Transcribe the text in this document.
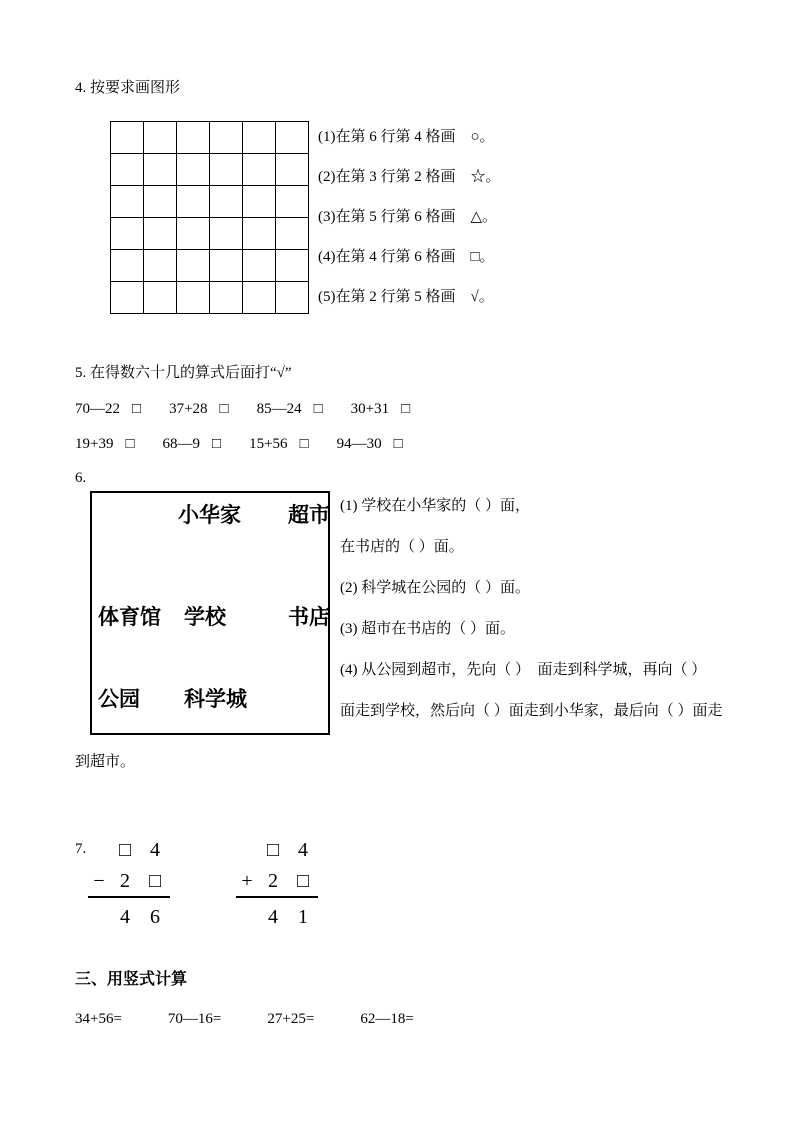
4. 按要求画图形
(1)在第 6 行第 4 格画　○。
(2)在第 3 行第 2 格画　☆。
(3)在第 5 行第 6 格画　△。
(4)在第 4 行第 6 格画　□。
(5)在第 2 行第 5 格画　√。
5. 在得数六十几的算式后面打“√”
70—22 □ 37+28 □ 85—24 □ 30+31 □
19+39 □ 68—9 □ 15+56 □ 94—30 □
6.
小华家 超市
体育馆 学校	书店
公园 科学城
(1) 学校在小华家的（ ）面，
在书店的（ ）面。
(2) 科学城在公园的（ ）面。
(3) 超市在书店的（ ）面。
(4) 从公园到超市，先向（ ）　面走到科学城，再向（ ）
面走到学校，然后向（ ）面走到小华家，最后向（ ）面走
到超市。
7.	□ 4
− 2 □
4	6
□ 4
+ 2 □
4	1
三、用竖式计算
34+56=	70—16=	27+25=	62—18=
